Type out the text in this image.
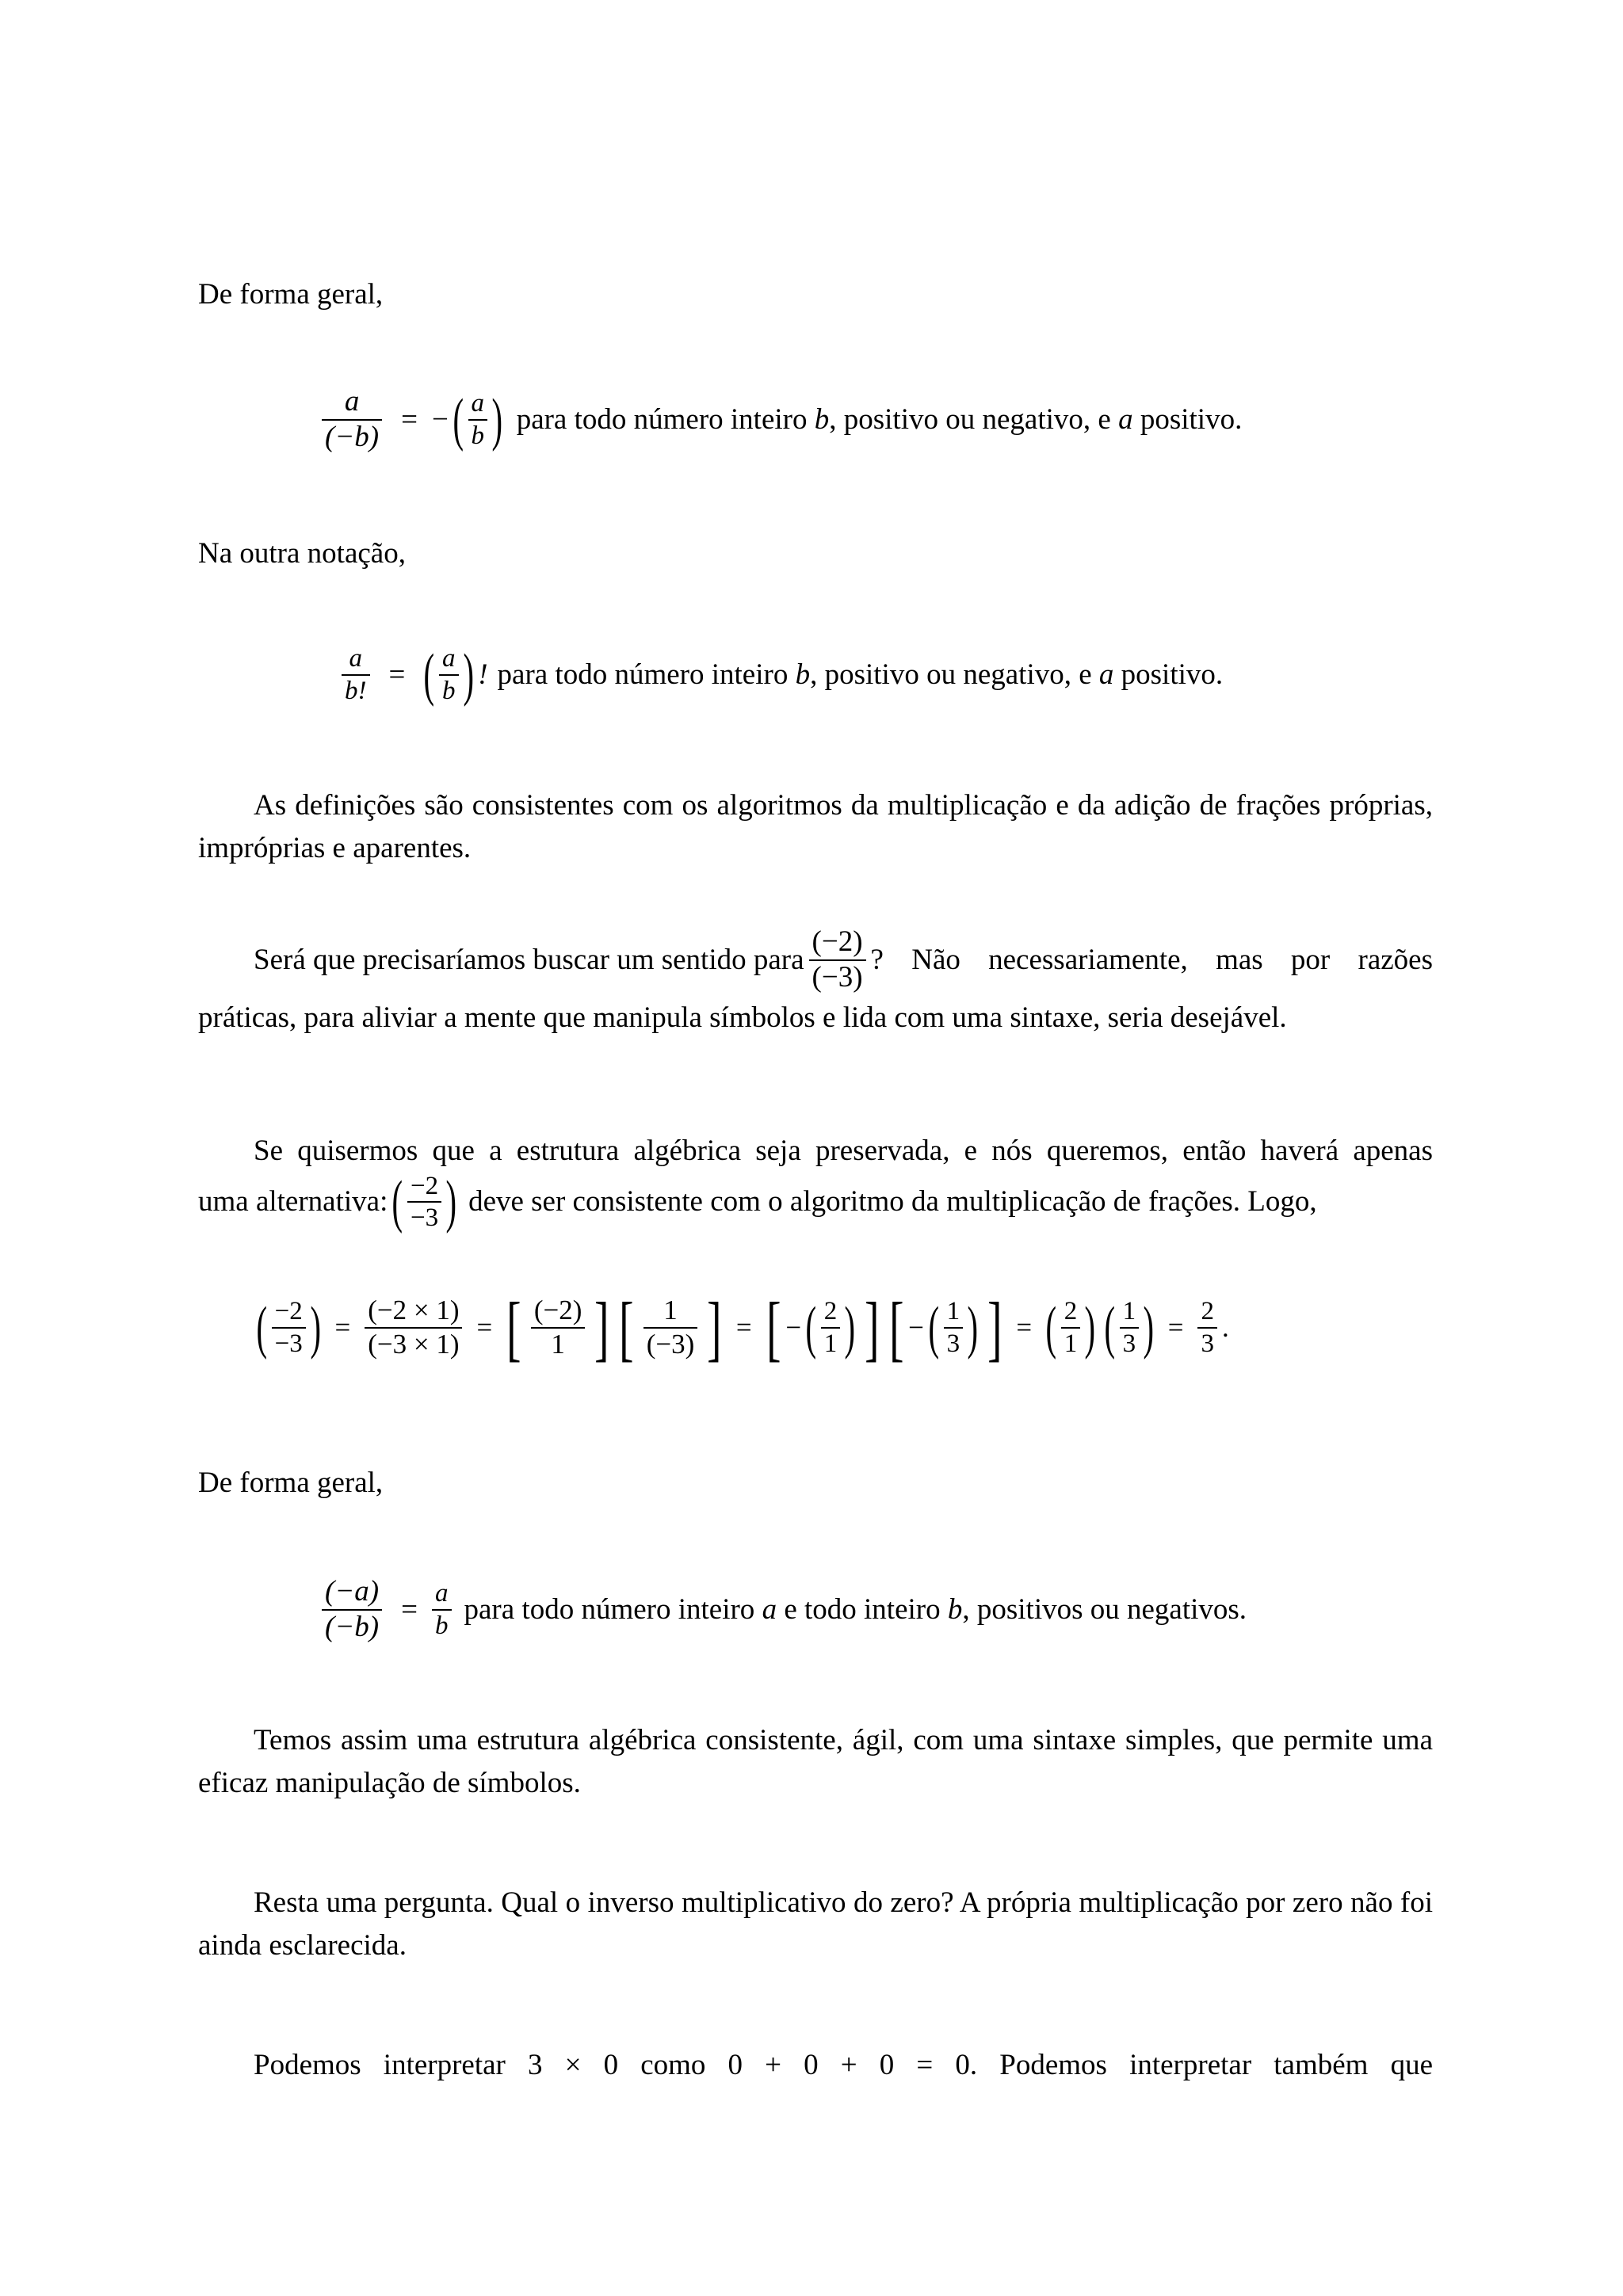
De forma geral,

$\frac{a}{(-b)}$ = − ( $\frac{a}{b}$ ) para todo número inteiro b, positivo ou negativo, e a positivo.

Na outra notação,

$\frac{a}{b!}$ = ( $\frac{a}{b}$ ) ! para todo número inteiro b, positivo ou negativo, e a positivo.

As definições são consistentes com os algoritmos da multiplicação e da adição de frações próprias, impróprias e aparentes.

Será que precisaríamos buscar um sentido para $\frac{(-2)}{(-3)}$ ? Não necessariamente, mas por razões
práticas, para aliviar a mente que manipula símbolos e lida com uma sintaxe, seria desejável.
Se quisermos que a estrutura algébrica seja preservada, e nós queremos, então haverá apenas
uma alternativa: ( $\frac{-2}{-3}$ ) deve ser consistente com o algoritmo da multiplicação de frações. Logo,
( $\frac{-2}{-3}$ ) = $\frac{(-2 \times 1)}{(-3 \times 1)}$ = [ $\frac{(-2)}{1}$ ] [ $\frac{1}{(-3)}$ ] = [ − ( $\frac{2}{1}$ ) ] [ − ( $\frac{1}{3}$ ) ] = ( $\frac{2}{1}$ ) ( $\frac{1}{3}$ ) = $\frac{2}{3}$ .

De forma geral,

$\frac{(-a)}{(-b)} = \frac{a}{b}$ para todo número inteiro a e todo inteiro b, positivos ou negativos.

Temos assim uma estrutura algébrica consistente, ágil, com uma sintaxe simples, que permite uma eficaz manipulação de símbolos.

Resta uma pergunta. Qual o inverso multiplicativo do zero? A própria multiplicação por zero não foi ainda esclarecida.

Podemos interpretar 3 × 0 como 0 + 0 + 0 = 0. Podemos interpretar também que
